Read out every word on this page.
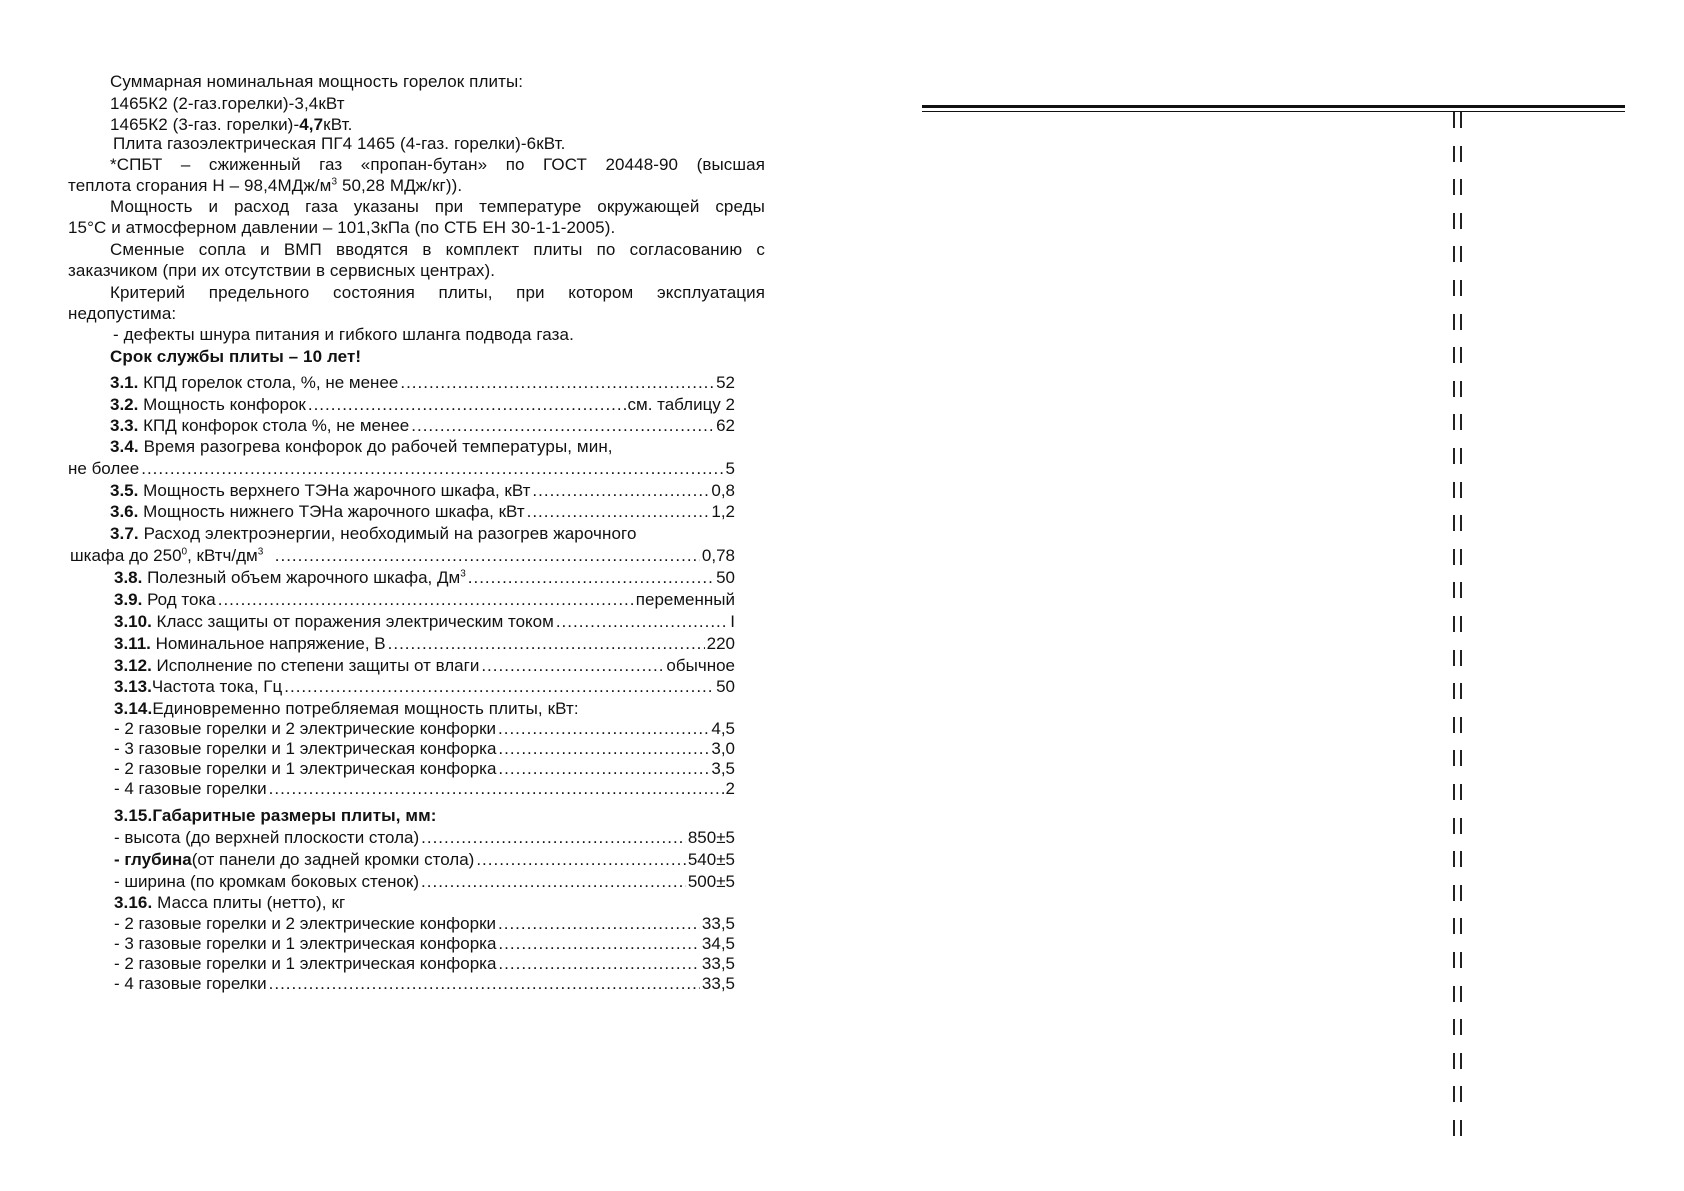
Суммарная номинальная мощность горелок плиты:
1465К2 (2-газ.горелки)-3,4кВт
1465К2 (3-газ. горелки)-4,7кВт.
Плита газоэлектрическая ПГ4 1465 (4-газ. горелки)-6кВт.
*СПБТ – сжиженный газ «пропан-бутан» по ГОСТ 20448-90 (высшая
теплота сгорания Н – $98,4МДж/м^3$ 50,28 МДж/кг)).
Мощность и расход газа указаны при температуре окружающей среды
15°С и атмосферном давлении – 101,3кПа (по СТБ ЕН 30-1-1-2005).
Сменные сопла и ВМП вводятся в комплект плиты по согласованию с
заказчиком (при их отсутствии в сервисных центрах).
Критерий предельного состояния плиты, при котором эксплуатация
недопустима:
- дефекты шнура питания и гибкого шланга подвода газа.
Срок службы плиты – 10 лет!
3.1. КПД горелок стола, %, не менее .....	52
3.2. Мощность конфорок .....	см. таблицу 2
3.3. КПД конфорок стола %, не менее .....	62
3.4. Время разогрева конфорок до рабочей температуры, мин,
не более .....	5
3.5. Мощность верхнего ТЭНа жарочного шкафа, кВт .....	0,8
3.6. Мощность нижнего ТЭНа жарочного шкафа, кВт .....	1,2
3.7. Расход электроэнергии, необходимый на разогрев жарочного
шкафа до $250^0$, кВтч/$дм^3$ .....	0,78
3.8. Полезный объем жарочного шкафа, $Дм^3$ .....	50
3.9. Род тока .....	переменный
3.10. Класс защиты от поражения электрическим током .....	I
3.11. Номинальное напряжение, В .....	220
3.12. Исполнение по степени защиты от влаги .....	обычное
3.13.Частота тока, Гц .....	50
3.14.Единовременно потребляемая мощность плиты, кВт:
- 2 газовые горелки и 2 электрические конфорки .....	4,5
- 3 газовые горелки и 1 электрическая конфорка .....	3,0
- 2 газовые горелки и 1 электрическая конфорка .....	3,5
- 4 газовые горелки .....	2
3.15.Габаритные размеры плиты, мм:
- высота (до верхней плоскости стола) .....	850±5
- глубина(от панели до задней кромки стола) .....	540±5
- ширина (по кромкам боковых стенок) .....	500±5
3.16. Масса плиты (нетто), кг
- 2 газовые горелки и 2 электрические конфорки .....	33,5
- 3 газовые горелки и 1 электрическая конфорка .....	34,5
- 2 газовые горелки и 1 электрическая конфорка .....	33,5
- 4 газовые горелки .....	33,5
